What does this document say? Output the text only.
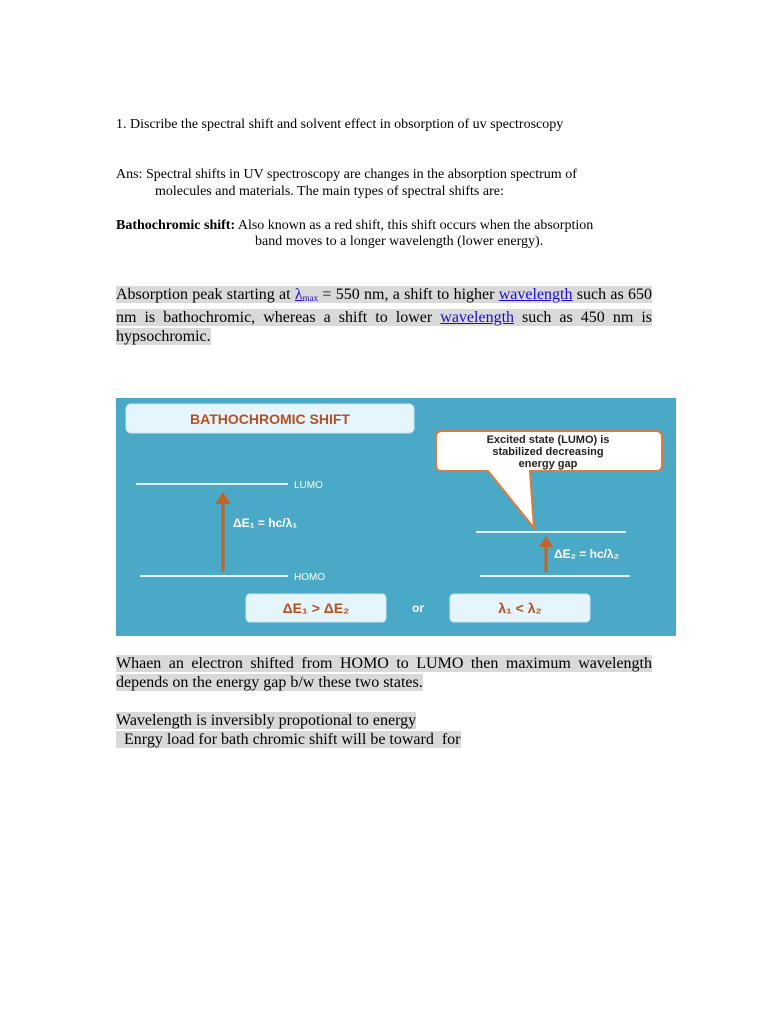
1. Discribe the spectral shift and solvent effect in obsorption of uv spectroscopy
Ans: Spectral shifts in UV spectroscopy are changes in the absorption spectrum of
molecules and materials. The main types of spectral shifts are:
Bathochromic shift: Also known as a red shift, this shift occurs when the absorption
band moves to a longer wavelength (lower energy).
Absorption peak starting at $\lambda_{max} = 550$ nm, a shift to higher wavelength such as 650 nm is bathochromic, whereas a shift to lower wavelength such as 450 nm is hypsochromic.
BATHOCHROMIC SHIFT
Excited state (LUMO) is
stabilized decreasing
energy gap
LUMO
HOMO
ΔE₁ = hc/λ₁
ΔE₂ = hc/λ₂
ΔE₁ > ΔE₂	or	λ₁ < λ₂
Whaen an electron shifted from HOMO to LUMO then maximum wavelength depends on the energy gap b/w these two states.
Wavelength is inversibly propotional to energy
Enrgy load for bath chromic shift will be toward  for
